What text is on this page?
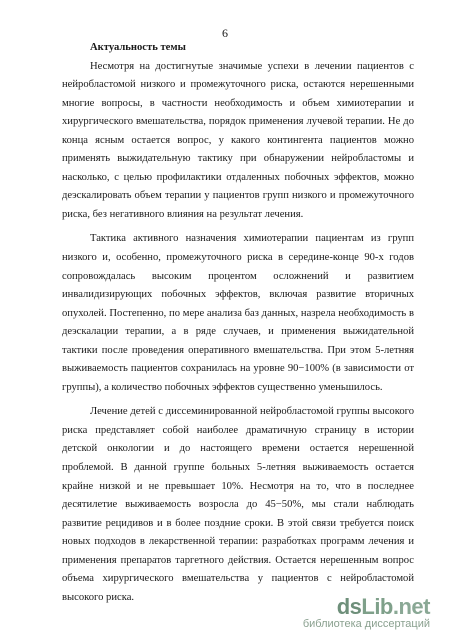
6

Актуальность темы

Несмотря на достигнутые значимые успехи в лечении пациентов с нейробластомой низкого и промежуточного риска, остаются нерешенными многие вопросы, в частности необходимость и объем химиотерапии и хирургического вмешательства, порядок применения лучевой терапии. Не до конца ясным остается вопрос, у какого контингента пациентов можно применять выжидательную тактику при обнаружении нейробластомы и насколько, с целью профилактики отдаленных побочных эффектов, можно деэскалировать объем терапии у пациентов групп низкого и промежуточного риска, без негативного влияния на результат лечения.

Тактика активного назначения химиотерапии пациентам из групп низкого и, особенно, промежуточного риска в середине-конце 90-х годов сопровождалась высоким процентом осложнений и развитием инвалидизирующих побочных эффектов, включая развитие вторичных опухолей. Постепенно, по мере анализа баз данных, назрела необходимость в деэскалации терапии, а в ряде случаев, и применения выжидательной тактики после проведения оперативного вмешательства. При этом 5-летняя выживаемость пациентов сохранилась на уровне 90−100% (в зависимости от группы), а количество побочных эффектов существенно уменьшилось.

Лечение детей с диссеминированной нейробластомой группы высокого риска представляет собой наиболее драматичную страницу в истории детской онкологии и до настоящего времени остается нерешенной проблемой. В данной группе больных 5-летняя выживаемость остается крайне низкой и не превышает 10%. Несмотря на то, что в последнее десятилетие выживаемость возросла до 45−50%, мы стали наблюдать развитие рецидивов и в более поздние сроки. В этой связи требуется поиск новых подходов в лекарственной терапии: разработках программ лечения и применения препаратов таргетного действия. Остается нерешенным вопрос объема хирургического вмешательства у пациентов с нейробластомой высокого риска.	dsLib.net
библиотека диссертаций
